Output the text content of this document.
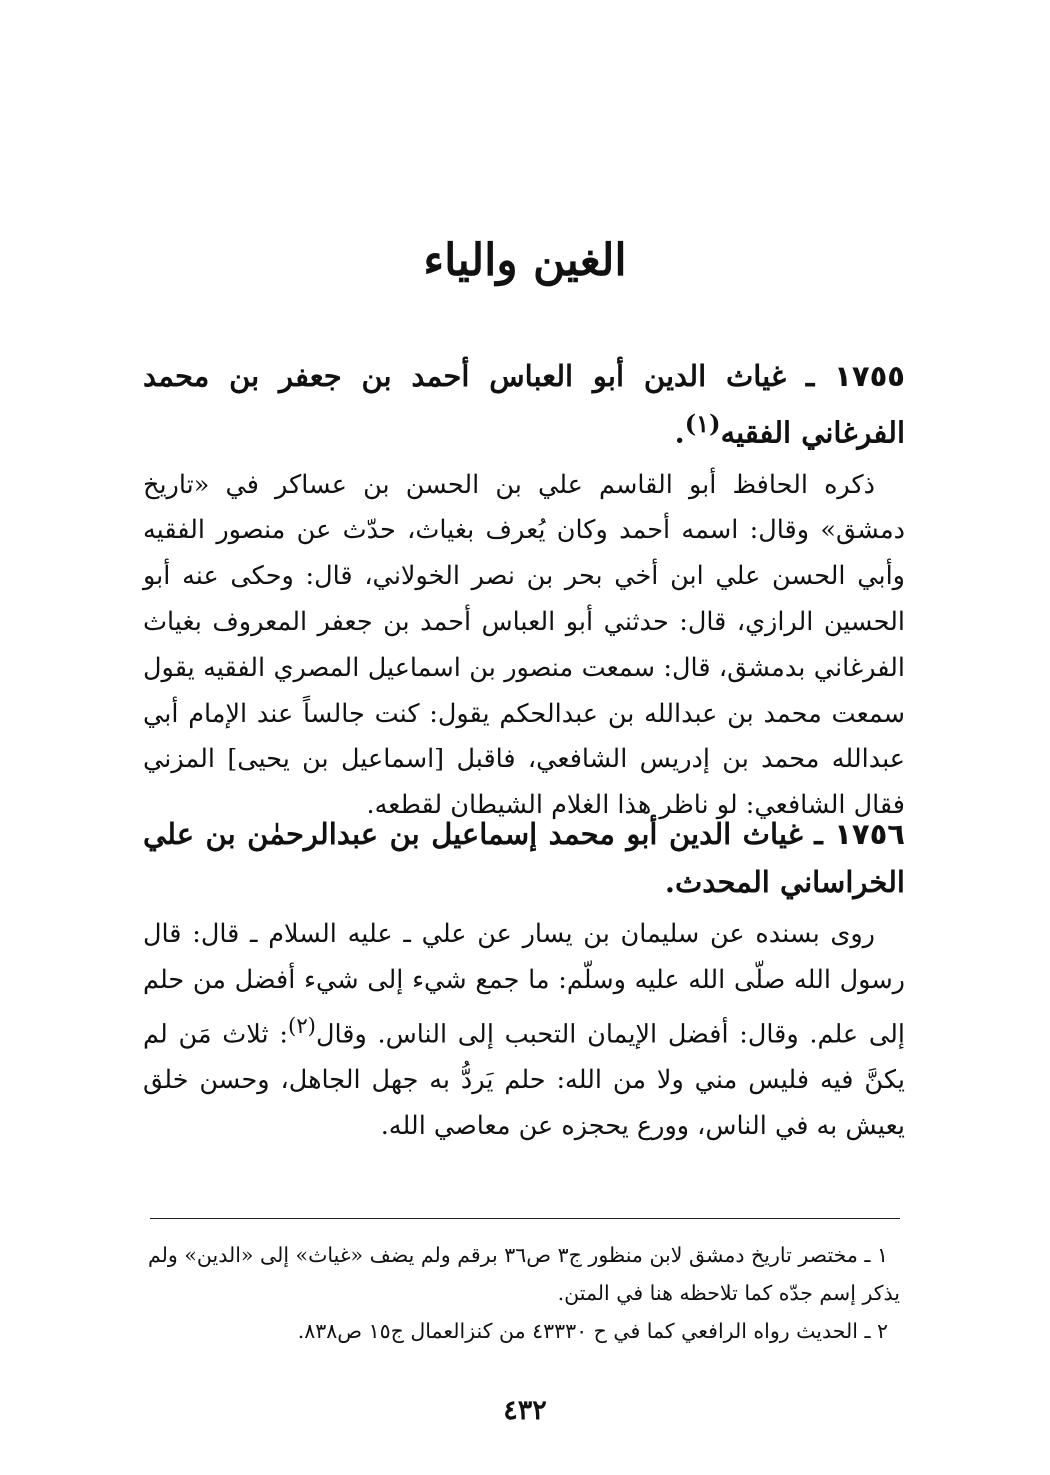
الغين والياء

١٧٥٥ ـ غياث الدين أبو العباس أحمد بن جعفر بن محمد الفرغاني الفقيه$^{(١)}$.

ذكره الحافظ أبو القاسم علي بن الحسن بن عساكر في «تاريخ دمشق» وقال: اسمه أحمد وكان يُعرف بغياث، حدّث عن منصور الفقيه وأبي الحسن علي ابن أخي بحر بن نصر الخولاني، قال: وحكى عنه أبو الحسين الرازي، قال: حدثني أبو العباس أحمد بن جعفر المعروف بغياث الفرغاني بدمشق، قال: سمعت منصور بن اسماعيل المصري الفقيه يقول سمعت محمد بن عبدالله بن عبدالحكم يقول: كنت جالساً عند الإمام أبي عبدالله محمد بن إدريس الشافعي، فاقبل [اسماعيل بن يحيى] المزني فقال الشافعي: لو ناظر هذا الغلام الشيطان لقطعه.

١٧٥٦ ـ غياث الدين أبو محمد إسماعيل بن عبدالرحمٰن بن علي الخراساني المحدث.

روى بسنده عن سليمان بن يسار عن علي ـ عليه السلام ـ قال: قال رسول الله صلّى الله عليه وسلّم: ما جمع شيء إلى شيء أفضل من حلم إلى علم. وقال: أفضل الإيمان التحبب إلى الناس. وقال$^{(٢)}$: ثلاث مَن لم يكنَّ فيه فليس مني ولا من الله: حلم يَردُّ به جهل الجاهل، وحسن خلق يعيش به في الناس، وورع يحجزه عن معاصي الله.

١ ـ مختصر تاريخ دمشق لابن منظور ج٣ ص٣٦ برقم ولم يضف «غياث» إلى «الدين» ولم يذكر إسم جدّه كما تلاحظه هنا في المتن.

٢ ـ الحديث رواه الرافعي كما في ح ٤٣٣٣٠ من كنزالعمال ج١٥ ص٨٣٨.

٤٣٢
